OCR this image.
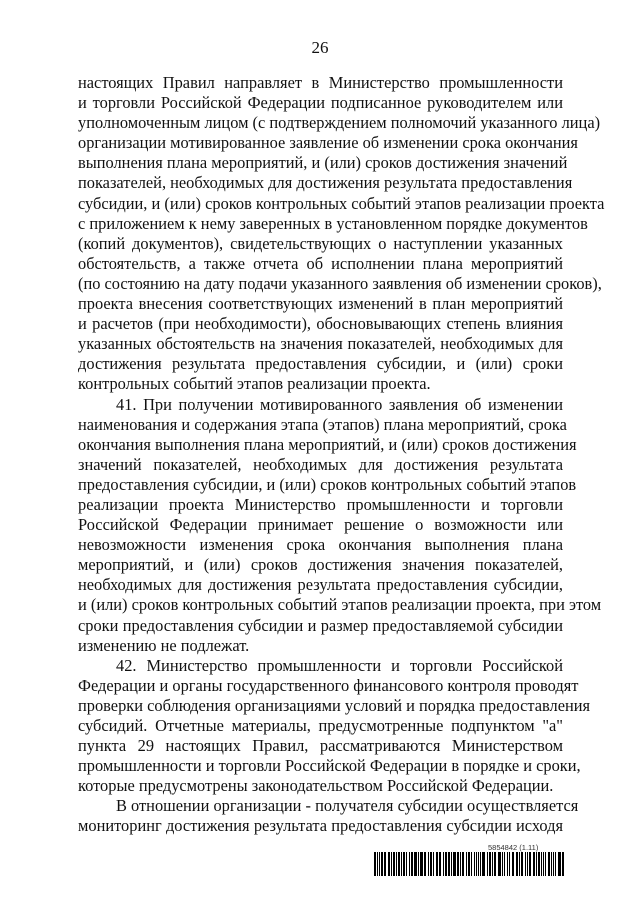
26
настоящих Правил направляет в Министерство промышленности
и торговли Российской Федерации подписанное руководителем или
уполномоченным лицом (с подтверждением полномочий указанного лица)
организации мотивированное заявление об изменении срока окончания
выполнения плана мероприятий, и (или) сроков достижения значений
показателей, необходимых для достижения результата предоставления
субсидии, и (или) сроков контрольных событий этапов реализации проекта
с приложением к нему заверенных в установленном порядке документов
(копий документов), свидетельствующих о наступлении указанных
обстоятельств, а также отчета об исполнении плана мероприятий
(по состоянию на дату подачи указанного заявления об изменении сроков),
проекта внесения соответствующих изменений в план мероприятий
и расчетов (при необходимости), обосновывающих степень влияния
указанных обстоятельств на значения показателей, необходимых для
достижения результата предоставления субсидии, и (или) сроки
контрольных событий этапов реализации проекта.
41. При получении мотивированного заявления об изменении
наименования и содержания этапа (этапов) плана мероприятий, срока
окончания выполнения плана мероприятий, и (или) сроков достижения
значений показателей, необходимых для достижения результата
предоставления субсидии, и (или) сроков контрольных событий этапов
реализации проекта Министерство промышленности и торговли
Российской Федерации принимает решение о возможности или
невозможности изменения срока окончания выполнения плана
мероприятий, и (или) сроков достижения значения показателей,
необходимых для достижения результата предоставления субсидии,
и (или) сроков контрольных событий этапов реализации проекта, при этом
сроки предоставления субсидии и размер предоставляемой субсидии
изменению не подлежат.
42. Министерство промышленности и торговли Российской
Федерации и органы государственного финансового контроля проводят
проверки соблюдения организациями условий и порядка предоставления
субсидий. Отчетные материалы, предусмотренные подпунктом "а"
пункта 29 настоящих Правил, рассматриваются Министерством
промышленности и торговли Российской Федерации в порядке и сроки,
которые предусмотрены законодательством Российской Федерации.
В отношении организации - получателя субсидии осуществляется
мониторинг достижения результата предоставления субсидии исходя
5854842 (1.11)
